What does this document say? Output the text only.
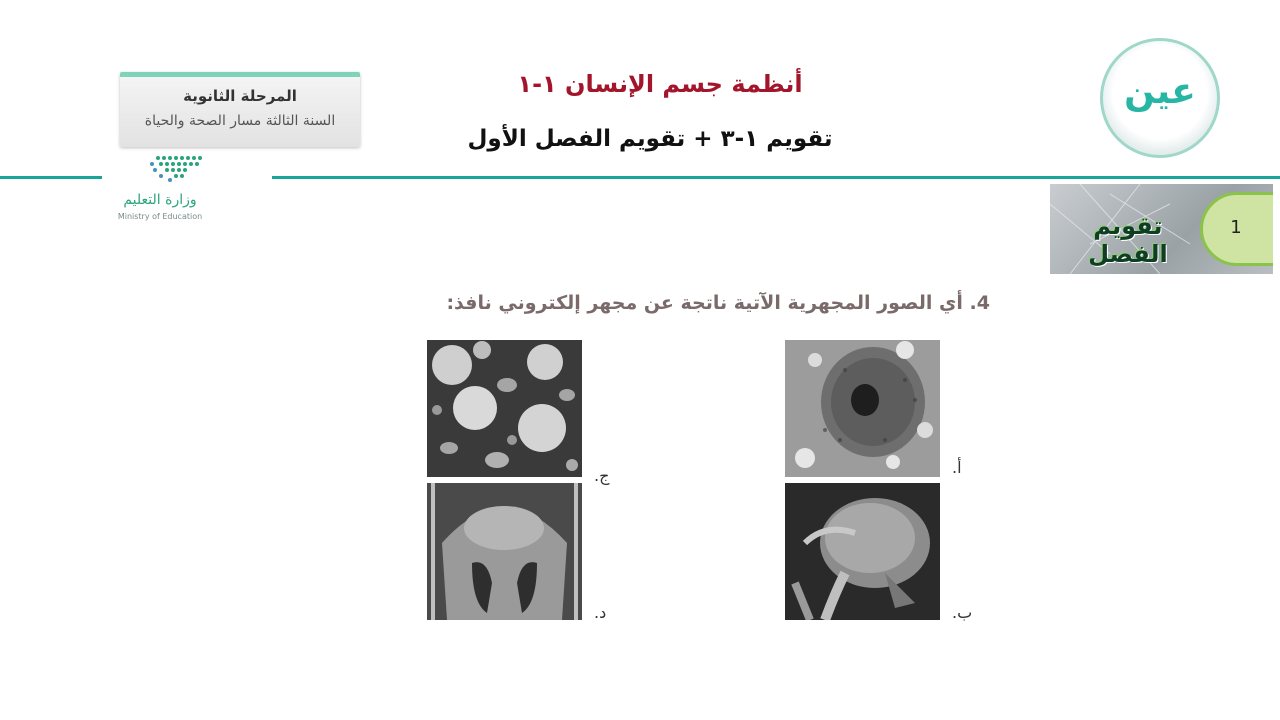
المرحلة الثانوية
السنة الثالثة مسار الصحة والحياة
وزارة التعليم
Ministry of Education
أنظمة جسم الإنسان ١-١
تقويم ١-٣ + تقويم الفصل الأول
عين
تقويم الفصل
1
4. أي الصور المجهرية الآتية ناتجة عن مجهر إلكتروني نافذ:
أ.
ب.
ج.
د.
